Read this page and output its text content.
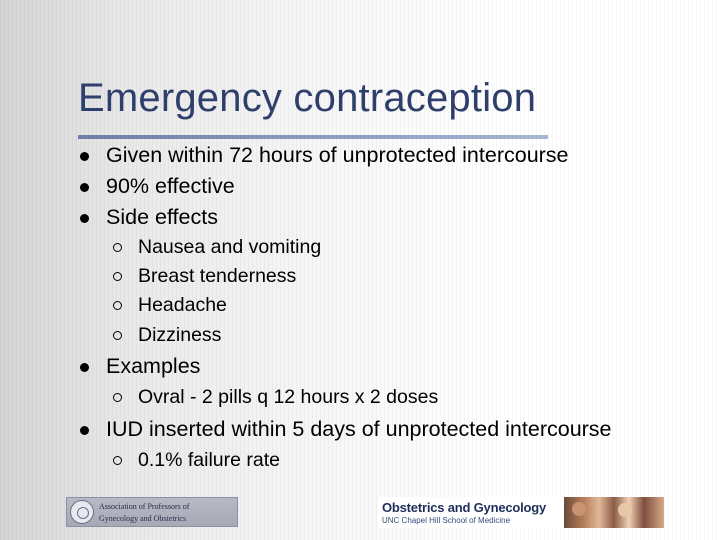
Emergency contraception
Given within 72 hours of unprotected intercourse
90% effective
Side effects
Nausea and vomiting
Breast tenderness
Headache
Dizziness
Examples
Ovral - 2 pills q 12 hours x 2 doses
IUD inserted within 5 days of unprotected intercourse
0.1% failure rate
Association of Professors of
Gynecology and Obstetrics
Obstetrics and Gynecology
UNC Chapel Hill School of Medicine
